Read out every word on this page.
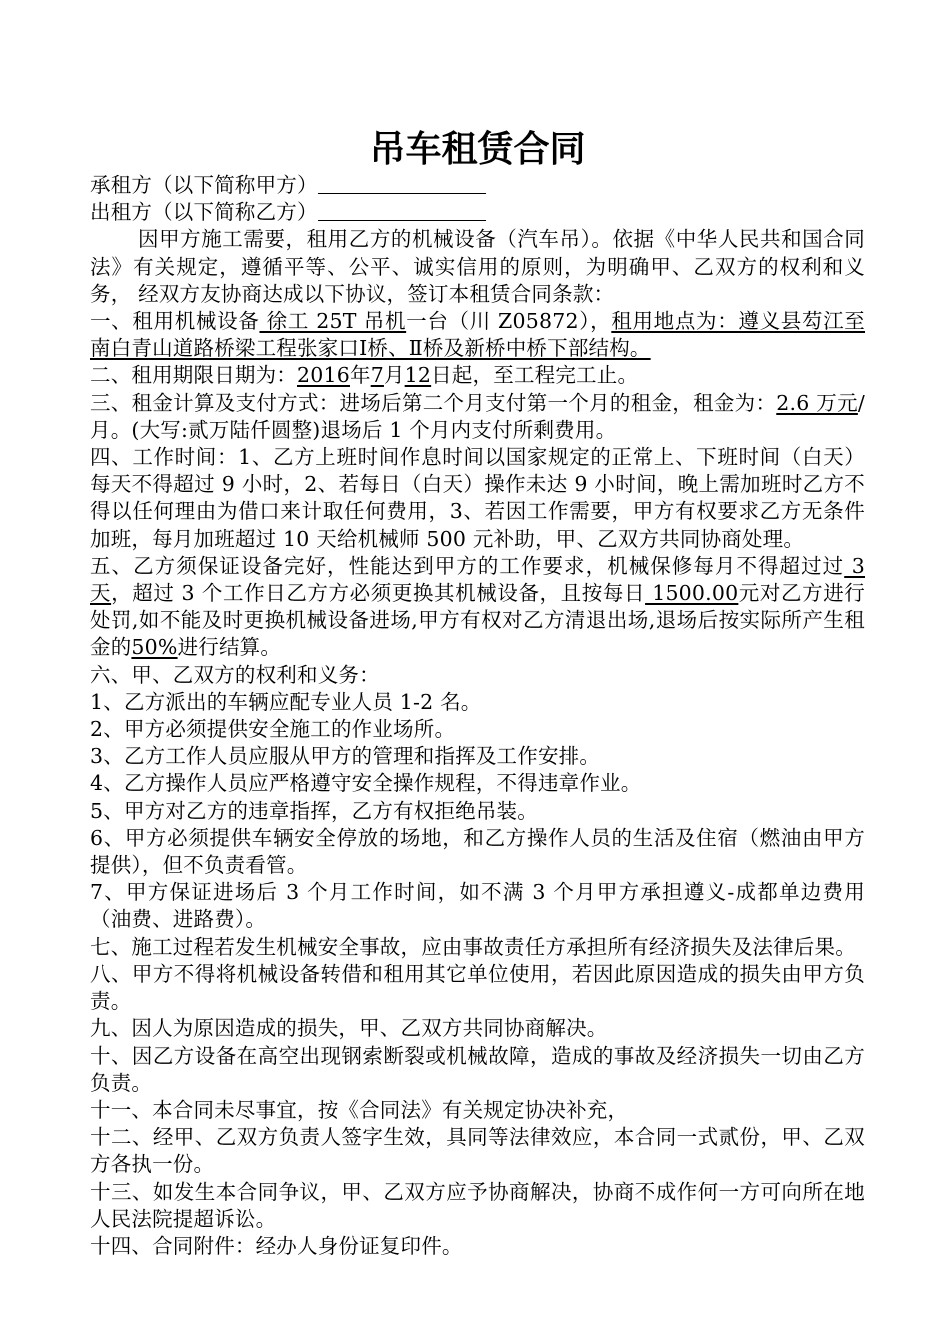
吊车租赁合同

承租方（以下简称甲方）

出租方（以下简称乙方）

因甲方施工需要，租用乙方的机械设备（汽车吊）。依据《中华人民共和国合同法》有关规定，遵循平等、公平、诚实信用的原则，为明确甲、乙双方的权利和义务， 经双方友协商达成以下协议，签订本租赁合同条款：

一、租用机械设备 徐工 25T 吊机一台（川 Z05872），租用地点为：遵义县芶江至南白青山道路桥梁工程张家口Ⅰ桥、Ⅱ桥及新桥中桥下部结构。

二、租用期限日期为：2016年7月12日起，至工程完工止。

三、租金计算及支付方式：进场后第二个月支付第一个月的租金，租金为：2.6 万元/月。(大写:贰万陆仟圆整)退场后 1 个月内支付所剩费用。

四、工作时间：1、乙方上班时间作息时间以国家规定的正常上、下班时间（白天）每天不得超过 9 小时，2、若每日（白天）操作未达 9 小时间，晚上需加班时乙方不得以任何理由为借口来计取任何费用，3、若因工作需要，甲方有权要求乙方无条件加班，每月加班超过 10 天给机械师 500 元补助，甲、乙双方共同协商处理。

五、乙方须保证设备完好，性能达到甲方的工作要求，机械保修每月不得超过过 3 天，超过 3 个工作日乙方方必须更换其机械设备，且按每日 1500.00元对乙方进行处罚,如不能及时更换机械设备进场,甲方有权对乙方清退出场,退场后按实际所产生租金的50%进行结算。

六、甲、乙双方的权利和义务：

1、乙方派出的车辆应配专业人员 1-2 名。

2、甲方必须提供安全施工的作业场所。

3、乙方工作人员应服从甲方的管理和指挥及工作安排。

4、乙方操作人员应严格遵守安全操作规程，不得违章作业。

5、甲方对乙方的违章指挥，乙方有权拒绝吊装。

6、甲方必须提供车辆安全停放的场地，和乙方操作人员的生活及住宿（燃油由甲方提供），但不负责看管。

7、甲方保证进场后 3 个月工作时间，如不满 3 个月甲方承担遵义-成都单边费用（油费、进路费）。

七、施工过程若发生机械安全事故，应由事故责任方承担所有经济损失及法律后果。

八、甲方不得将机械设备转借和租用其它单位使用，若因此原因造成的损失由甲方负责。

九、因人为原因造成的损失，甲、乙双方共同协商解决。

十、因乙方设备在高空出现钢索断裂或机械故障，造成的事故及经济损失一切由乙方负责。

十一、本合同未尽事宜，按《合同法》有关规定协决补充，

十二、经甲、乙双方负责人签字生效，具同等法律效应，本合同一式贰份，甲、乙双方各执一份。

十三、如发生本合同争议，甲、乙双方应予协商解决，协商不成作何一方可向所在地人民法院提超诉讼。

十四、合同附件：经办人身份证复印件。
